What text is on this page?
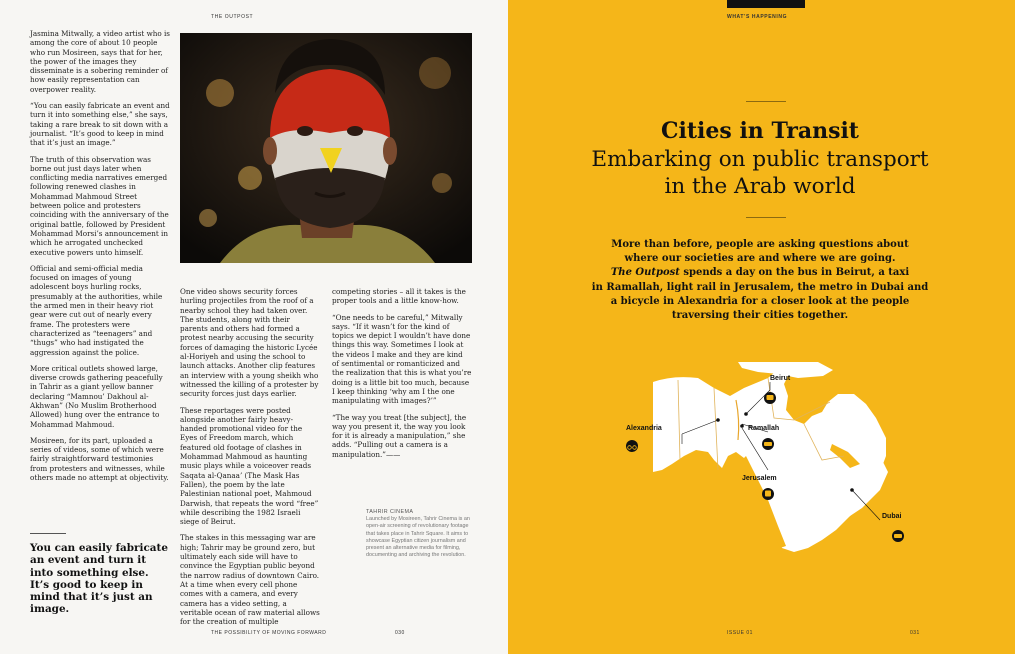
THE OUTPOST

Jasmina Mitwally, a video artist who is among the core of about 10 people who run Mosireen, says that for her, the power of the images they disseminate is a sobering reminder of how easily representation can overpower reality.

“You can easily fabricate an event and turn it into something else,” she says, taking a rare break to sit down with a journalist. “It’s good to keep in mind that it’s just an image.”

The truth of this observation was borne out just days later when conflicting media narratives emerged following renewed clashes in Mohammad Mahmoud Street between police and protesters coinciding with the anniversary of the original battle, followed by President Mohammad Morsi’s announcement in which he arrogated unchecked executive powers unto himself.

Official and semi-official media focused on images of young adolescent boys hurling rocks, presumably at the authorities, while the armed men in their heavy riot gear were cut out of nearly every frame. The protesters were characterized as “teenagers” and “thugs” who had instigated the aggression against the police.

More critical outlets showed large, diverse crowds gathering peacefully in Tahrir as a giant yellow banner declaring “Mamnou’ Dakhoul al-Akhwan” (No Muslim Brotherhood Allowed) hung over the entrance to Mohammad Mahmoud.

Mosireen, for its part, uploaded a series of videos, some of which were fairly straightforward testimonies from protesters and witnesses, while others made no attempt at objectivity.

You can easily fabricate an event and turn it into something else. It’s good to keep in mind that it’s just an image.

One video shows security forces hurling projectiles from the roof of a nearby school they had taken over. The students, along with their parents and others had formed a protest nearby accusing the security forces of damaging the historic Lycée al-Horiyeh and using the school to launch attacks. Another clip features an interview with a young sheikh who witnessed the killing of a protester by security forces just days earlier.

These reportages were posted alongside another fairly heavy-handed promotional video for the Eyes of Freedom march, which featured old footage of clashes in Mohammad Mahmoud as haunting music plays while a voiceover reads Saqata al-Qanaa’ (The Mask Has Fallen), the poem by the late Palestinian national poet, Mahmoud Darwish, that repeats the word “free” while describing the 1982 Israeli siege of Beirut.

The stakes in this messaging war are high; Tahrir may be ground zero, but ultimately each side will have to convince the Egyptian public beyond the narrow radius of downtown Cairo. At a time when every cell phone comes with a camera, and every camera has a video setting, a veritable ocean of raw material allows for the creation of multiple

competing stories – all it takes is the proper tools and a little know-how.

“One needs to be careful,” Mitwally says. “If it wasn’t for the kind of topics we depict I wouldn’t have done things this way. Sometimes I look at the videos I make and they are kind of sentimental or romanticized and the realization that this is what you’re doing is a little bit too much, because I keep thinking ‘why am I the one manipulating with images?’”

“The way you treat [the subject], the way you present it, the way you look for it is already a manipulation,” she adds. “Pulling out a camera is a manipulation.”——

TAHRIR CINEMA
Launched by Mosireen, Tahrir Cinema is an open-air screening of revolutionary footage that takes place in Tahrir Square. It aims to showcase Egyptian citizen journalism and present an alternative media for filming, documenting and archiving the revolution.
THE POSSIBILITY OF MOVING FORWARD	030
WHAT’S HAPPENING
Cities in Transit
Embarking on public transport
in the Arab world
More than before, people are asking questions about
where our societies are and where we are going.
The Outpost spends a day on the bus in Beirut, a taxi
in Ramallah, light rail in Jerusalem, the metro in Dubai and
a bicycle in Alexandria for a closer look at the people
traversing their cities together.
Beirut
Alexandria	Ramallah
Jerusalem
Dubai
ISSUE 01	031
